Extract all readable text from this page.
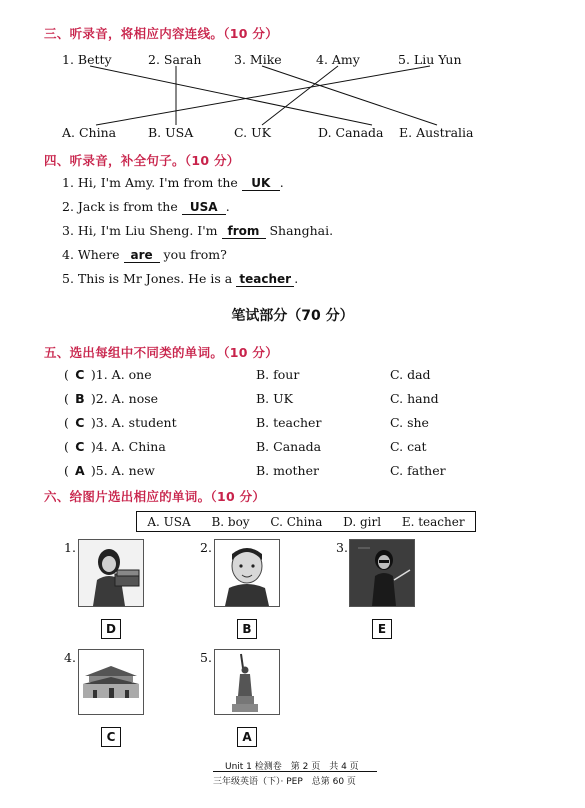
三、听录音，将相应内容连线。（10 分）
1. Betty	2. Sarah	3. Mike	4. Amy	5. Liu Yun
A. China	B. USA	C. UK	D. Canada E. Australia
四、听录音，补全句子。（10 分）
1. Hi, I'm Amy. I'm from the UK .
2. Jack is from the USA .
3. Hi, I'm Liu Sheng. I'm from Shanghai.
4. Where are you from?
5. This is Mr Jones. He is a teacher .
笔试部分（70 分）
五、选出每组中不同类的单词。（10 分）
( C )1. A. one	B. four	C. dad
( B )2. A. nose	B. UK	C. hand
( C )3. A. student	B. teacher	C. she
( C )4. A. China	B. Canada	C. cat
( A )5. A. new	B. mother	C. father
六、给图片选出相应的单词。（10 分）
A. USA B. boy C. China D. girl E. teacher
1.
D
2.
B
3.
E
4.
C
5.
A
Unit 1 检测卷　第 2 页　共 4 页
三年级英语（下）· PEP　总第 60 页
